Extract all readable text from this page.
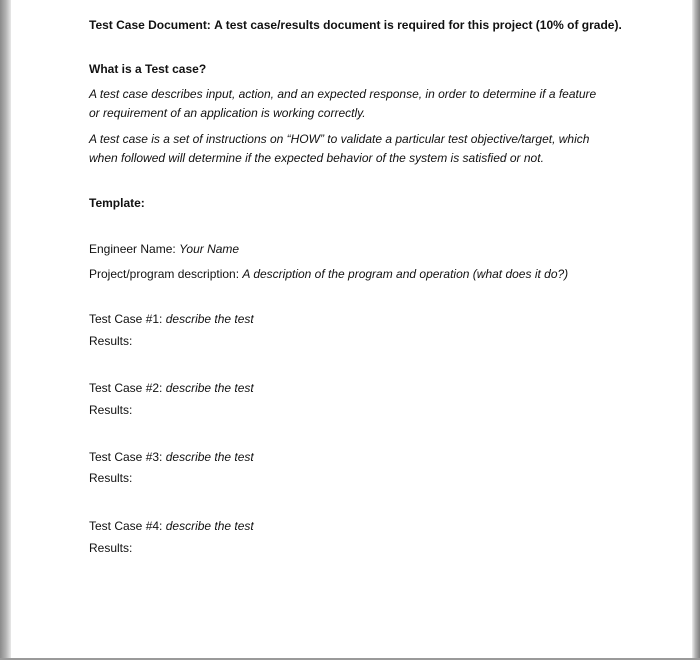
Test Case Document: A test case/results document is required for this project (10% of grade).
What is a Test case?
A test case describes input, action, and an expected response, in order to determine if a feature
or requirement of an application is working correctly.
A test case is a set of instructions on “HOW” to validate a particular test objective/target, which
when followed will determine if the expected behavior of the system is satisfied or not.
Template:
Engineer Name: Your Name
Project/program description: A description of the program and operation (what does it do?)
Test Case #1: describe the test
Results:
Test Case #2: describe the test
Results:
Test Case #3: describe the test
Results:
Test Case #4: describe the test
Results:
